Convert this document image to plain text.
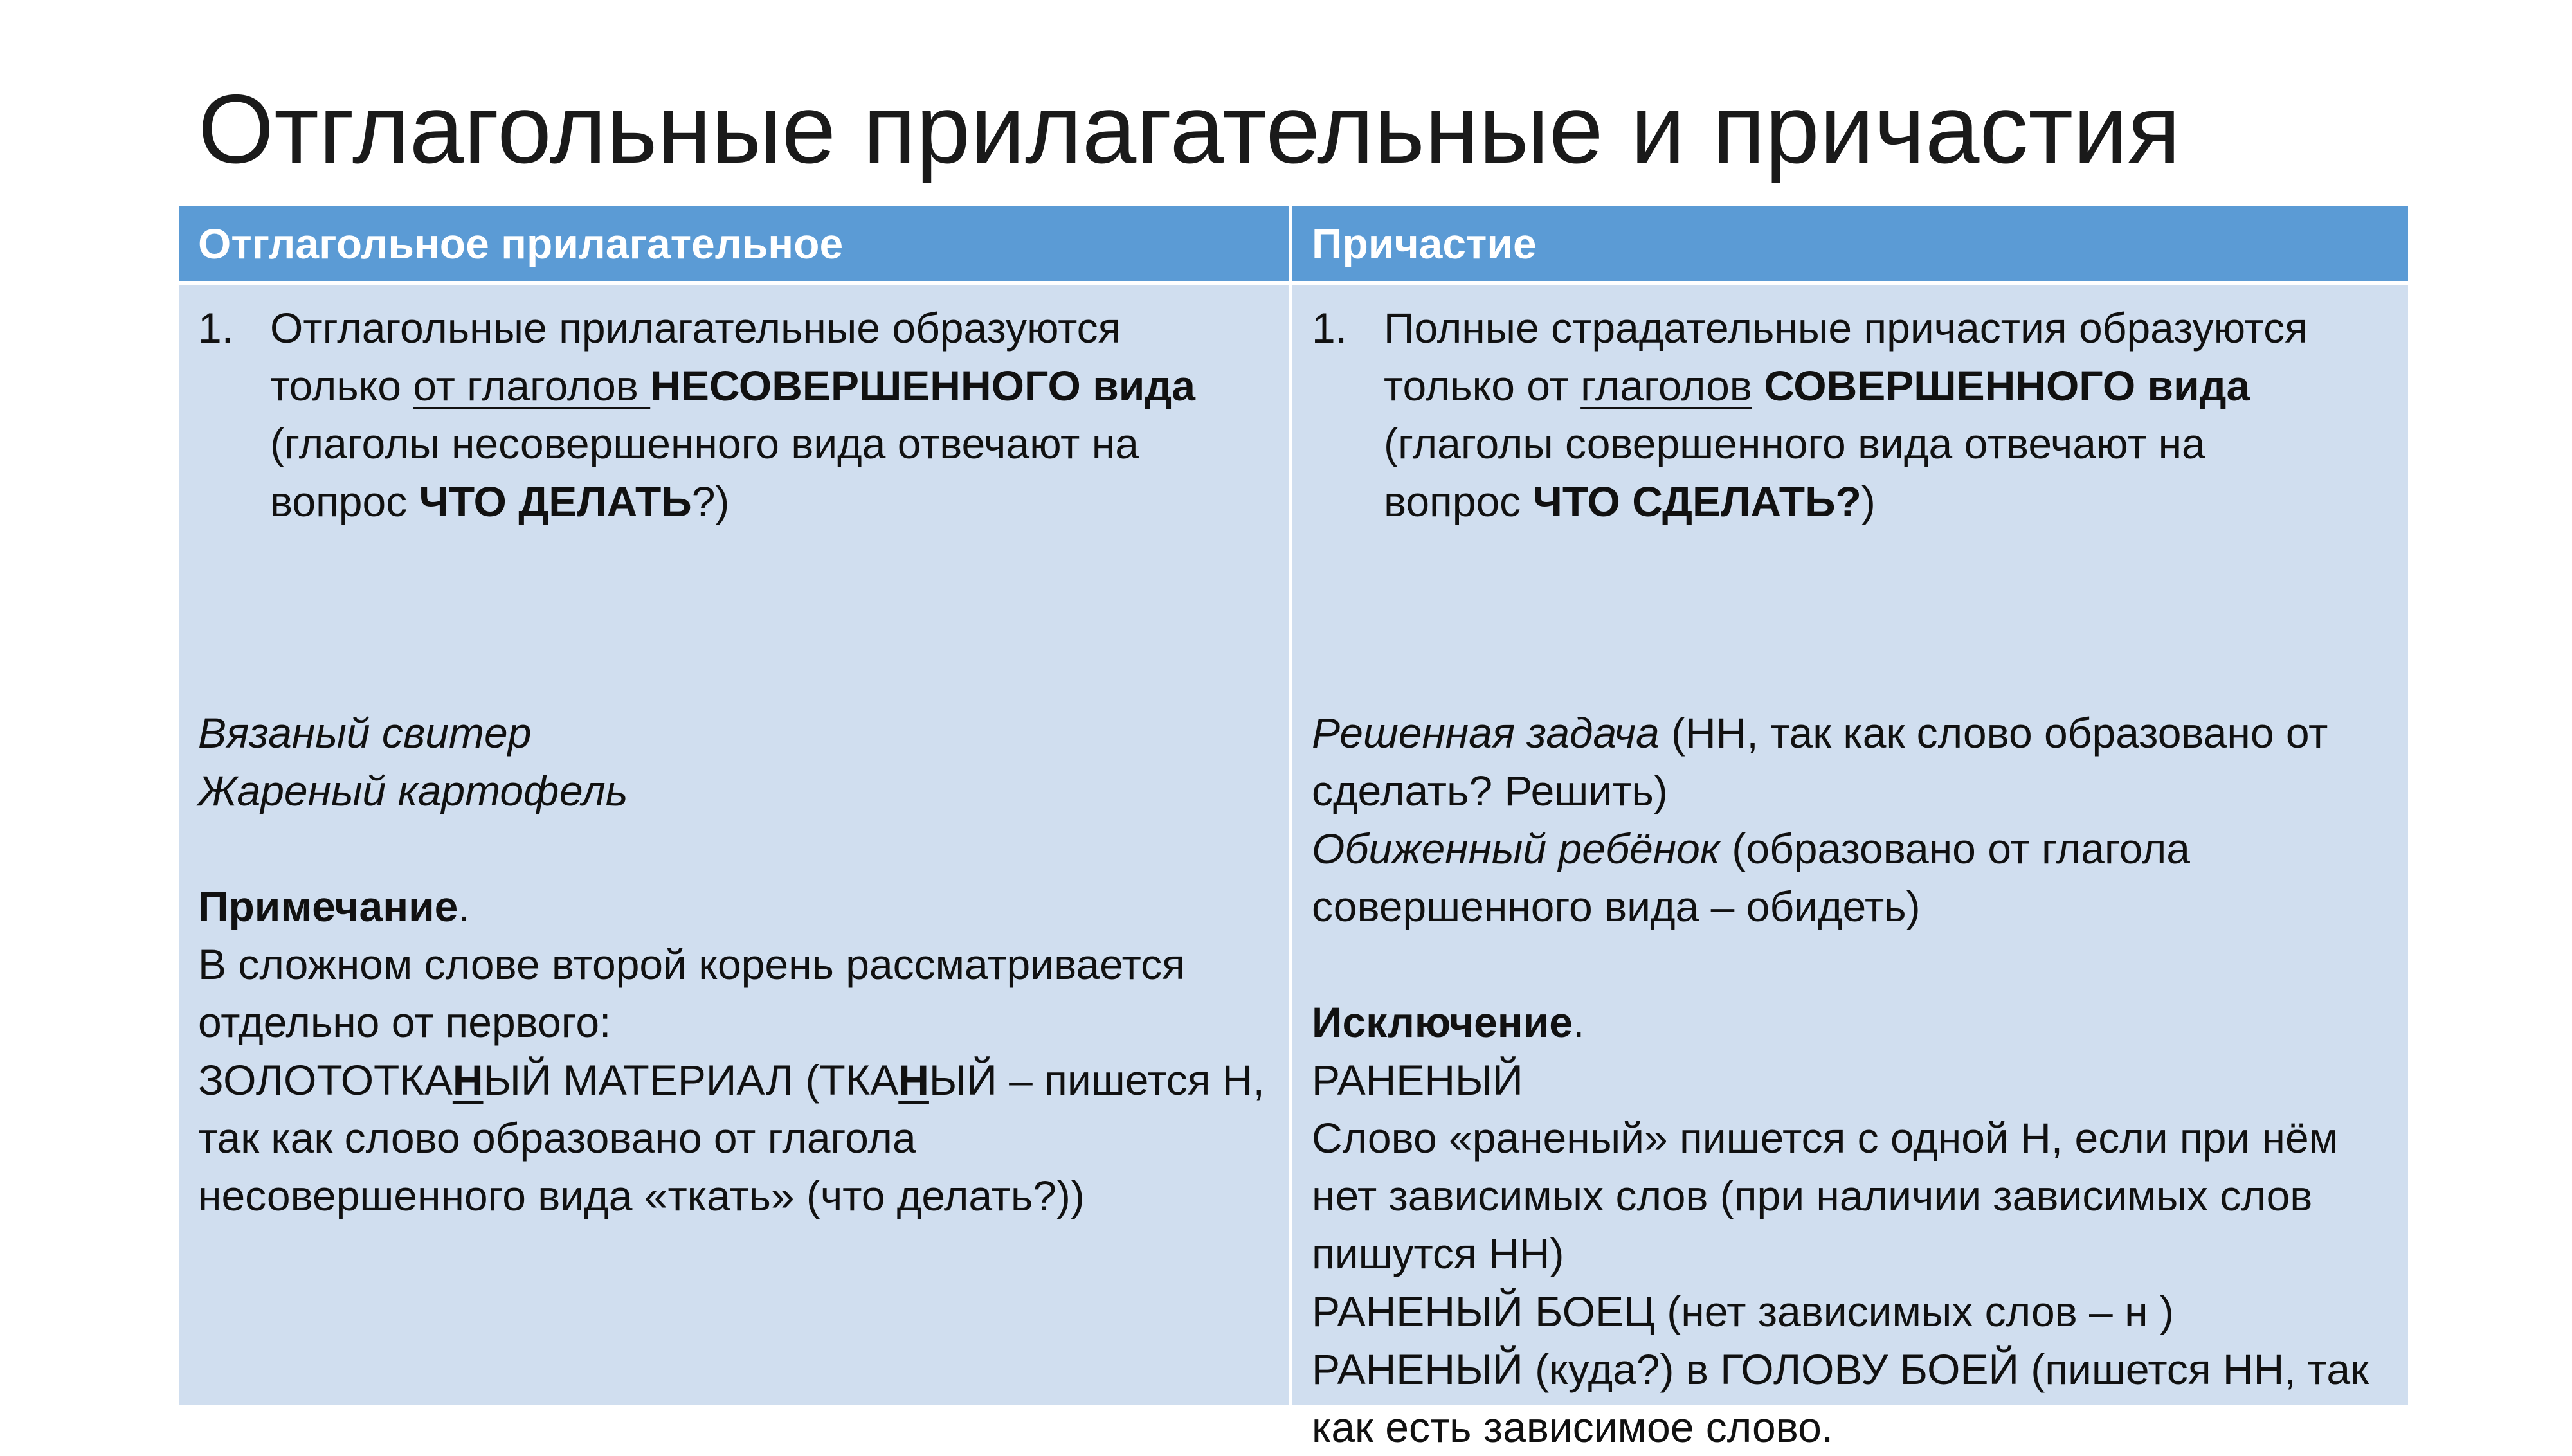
Отглагольные прилагательные и причастия
Отглагольное прилагательное	Причастие
1. Отглагольные прилагательные образуются
только от глаголов НЕСОВЕРШЕННОГО вида
(глаголы несовершенного вида отвечают на
вопрос ЧТО ДЕЛАТЬ?)
Вязаный свитер
Жареный картофель
Примечание.
В сложном слове второй корень рассматривается
отдельно от первого:
ЗОЛОТОТКАНЫЙ МАТЕРИАЛ (ТКАНЫЙ – пишется Н,
так как слово образовано от глагола
несовершенного вида «ткать» (что делать?))
1. Полные страдательные причастия образуются
только от глаголов СОВЕРШЕННОГО вида
(глаголы совершенного вида отвечают на
вопрос ЧТО СДЕЛАТЬ?)
Решенная задача (НН, так как слово образовано от
сделать? Решить)
Обиженный ребёнок (образовано от глагола
совершенного вида – обидеть)
Исключение.
РАНЕНЫЙ
Слово «раненый» пишется с одной Н, если при нём
нет зависимых слов (при наличии зависимых слов
пишутся НН)
РАНЕНЫЙ БОЕЦ (нет зависимых слов – н )
РАНЕНЫЙ (куда?) в ГОЛОВУ БОЕЙ (пишется НН, так
как есть зависимое слово.
